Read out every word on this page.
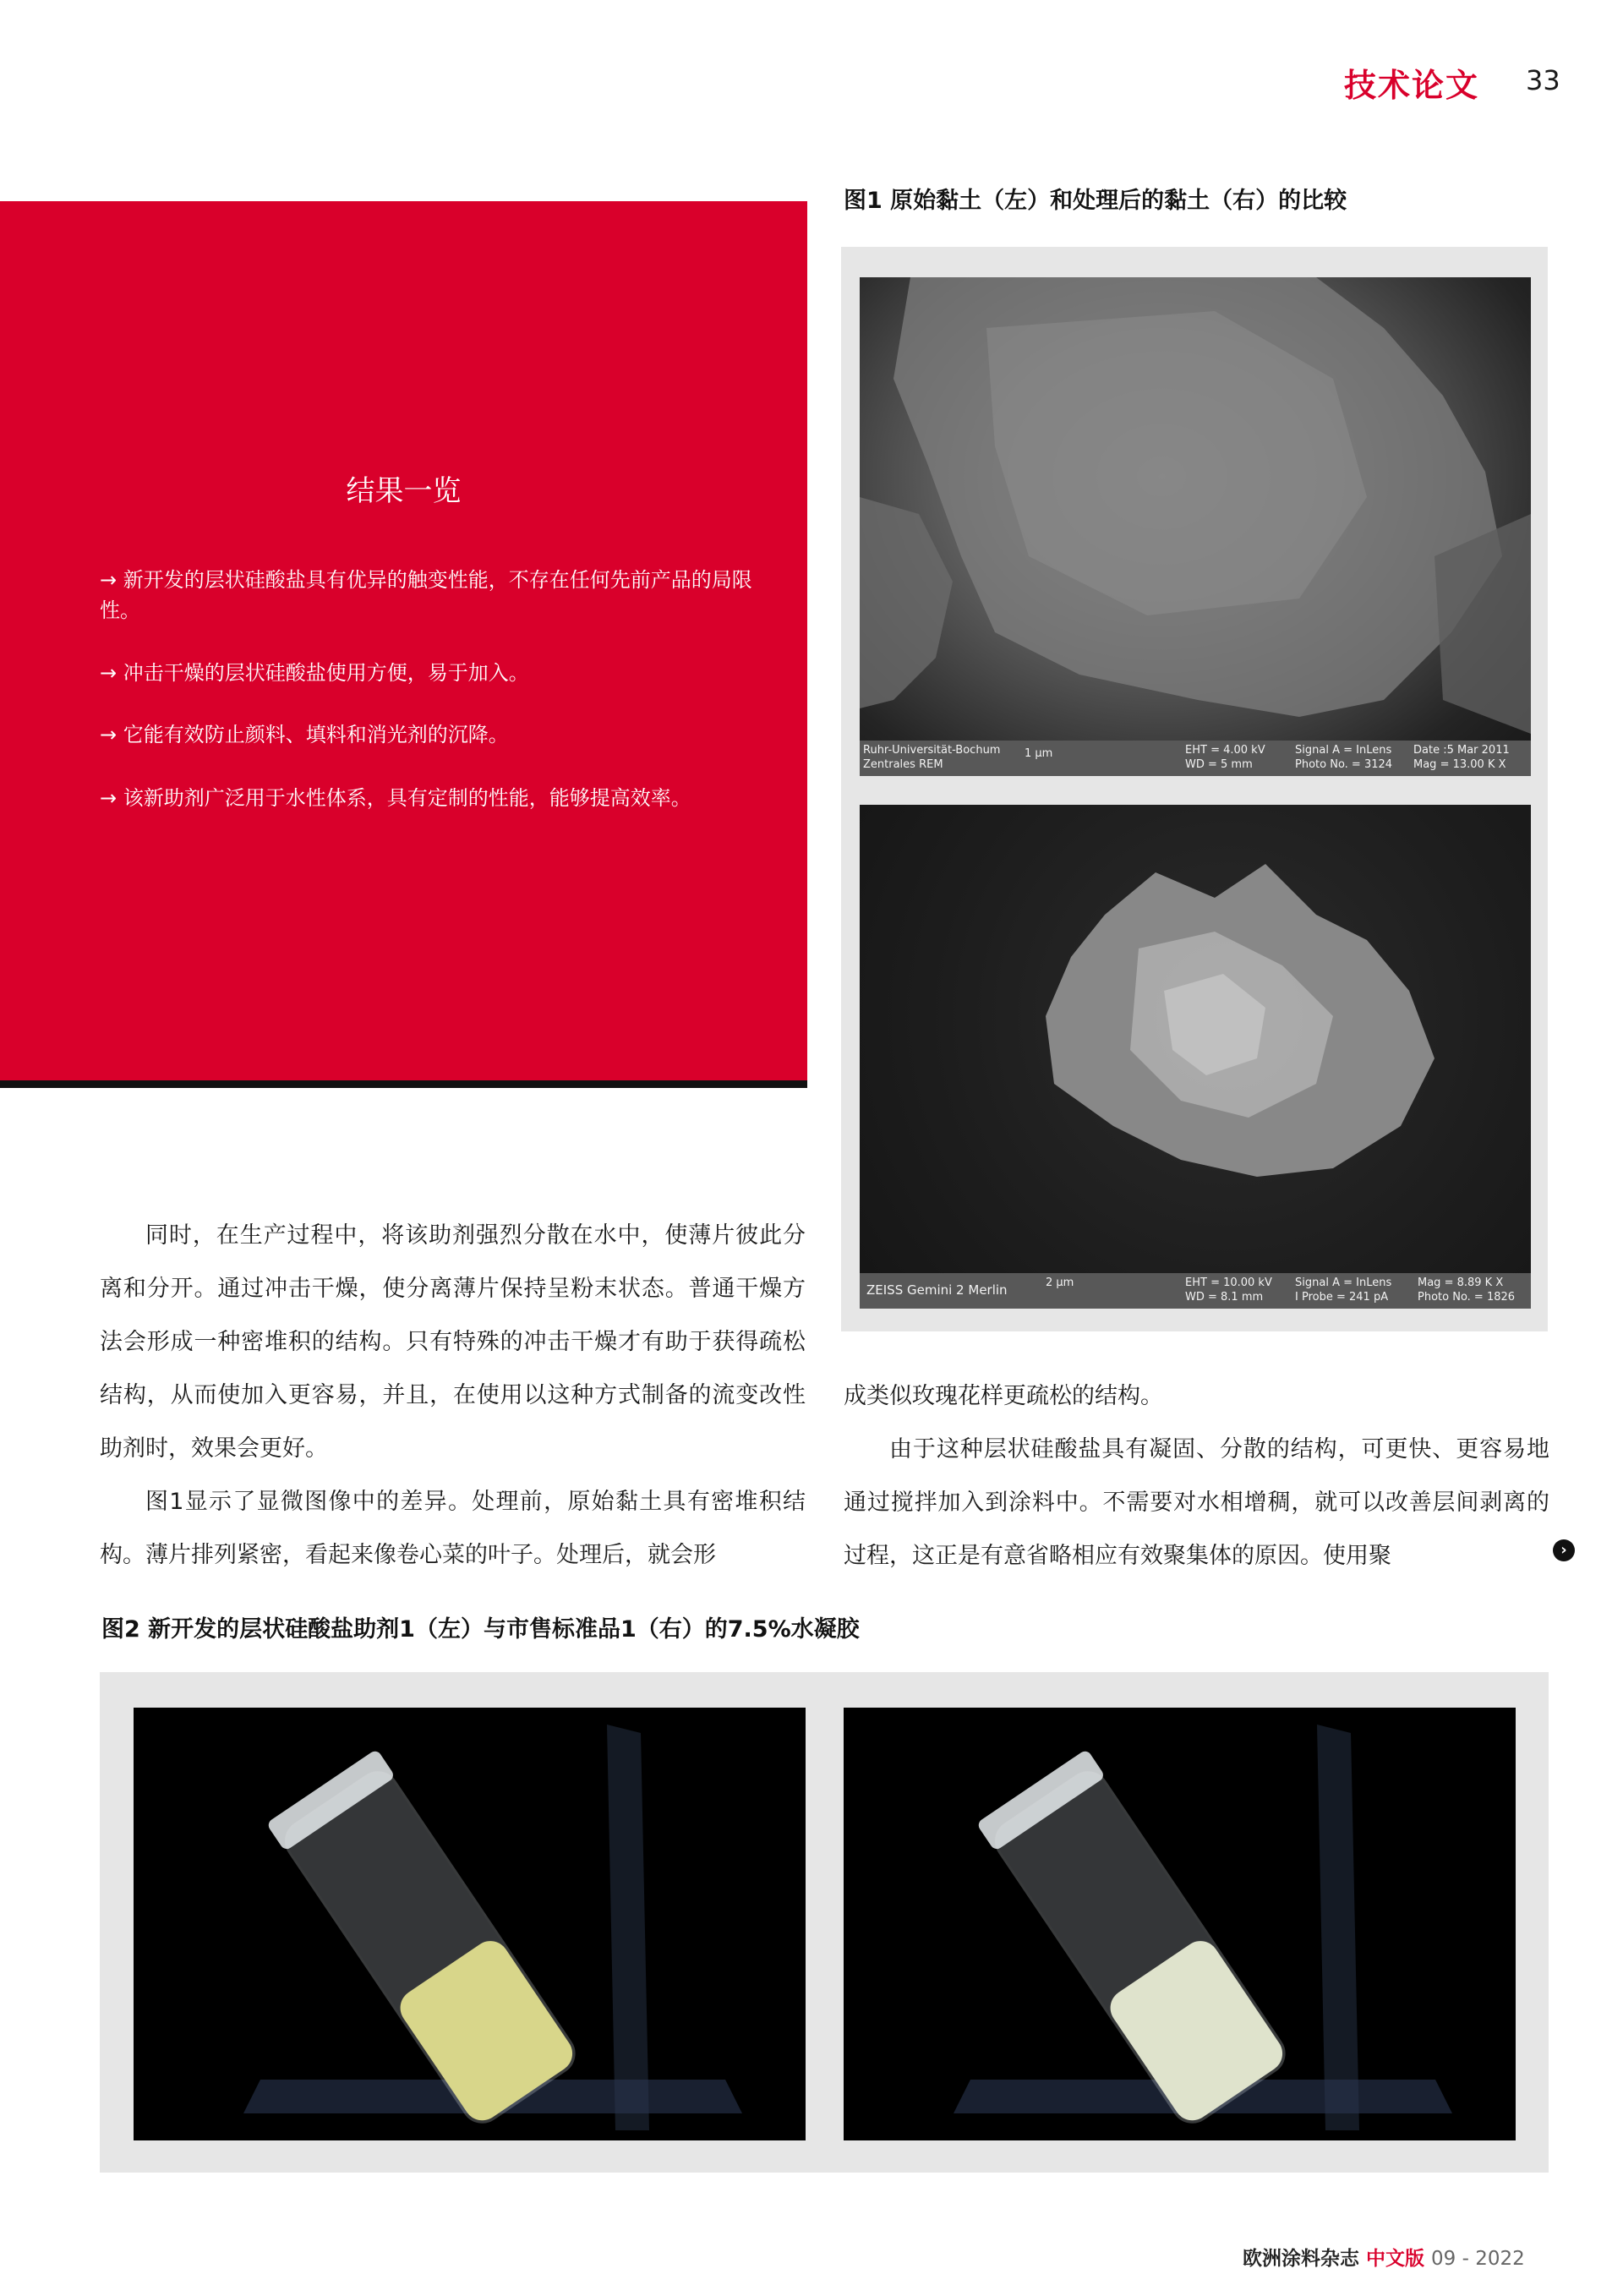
技术论文 33
图1 原始黏土（左）和处理后的黏土（右）的比较
结果一览
→ 新开发的层状硅酸盐具有优异的触变性能，不存在任何先前产品的局限性。
→ 冲击干燥的层状硅酸盐使用方便，易于加入。
→ 它能有效防止颜料、填料和消光剂的沉降。
→ 该新助剂广泛用于水性体系，具有定制的性能，能够提高效率。
Ruhr-Universität-Bochum
Zentrales REM
1 μm	EHT = 4.00 kV
WD = 5 mm
Signal A = InLens
Photo No. = 3124
Date :5 Mar 2011
Mag = 13.00 K X
ZEISS Gemini 2 Merlin	2 μm	EHT = 10.00 kV
WD = 8.1 mm
Signal A = InLens
I Probe = 241 pA
Mag = 8.89 K X
Photo No. = 1826

同时，在生产过程中，将该助剂强烈分散在水中，使薄片彼此分离和分开。通过冲击干燥，使分离薄片保持呈粉末状态。普通干燥方法会形成一种密堆积的结构。只有特殊的冲击干燥才有助于获得疏松结构，从而使加入更容易，并且，在使用以这种方式制备的流变改性助剂时，效果会更好。

图1显示了显微图像中的差异。处理前，原始黏土具有密堆积结构。薄片排列紧密，看起来像卷心菜的叶子。处理后，就会形

成类似玫瑰花样更疏松的结构。

由于这种层状硅酸盐具有凝固、分散的结构，可更快、更容易地通过搅拌加入到涂料中。不需要对水相增稠，就可以改善层间剥离的过程，这正是有意省略相应有效聚集体的原因。使用聚	›
图2 新开发的层状硅酸盐助剂1（左）与市售标准品1（右）的7.5%水凝胶
欧洲涂料杂志 中文版 09 - 2022
